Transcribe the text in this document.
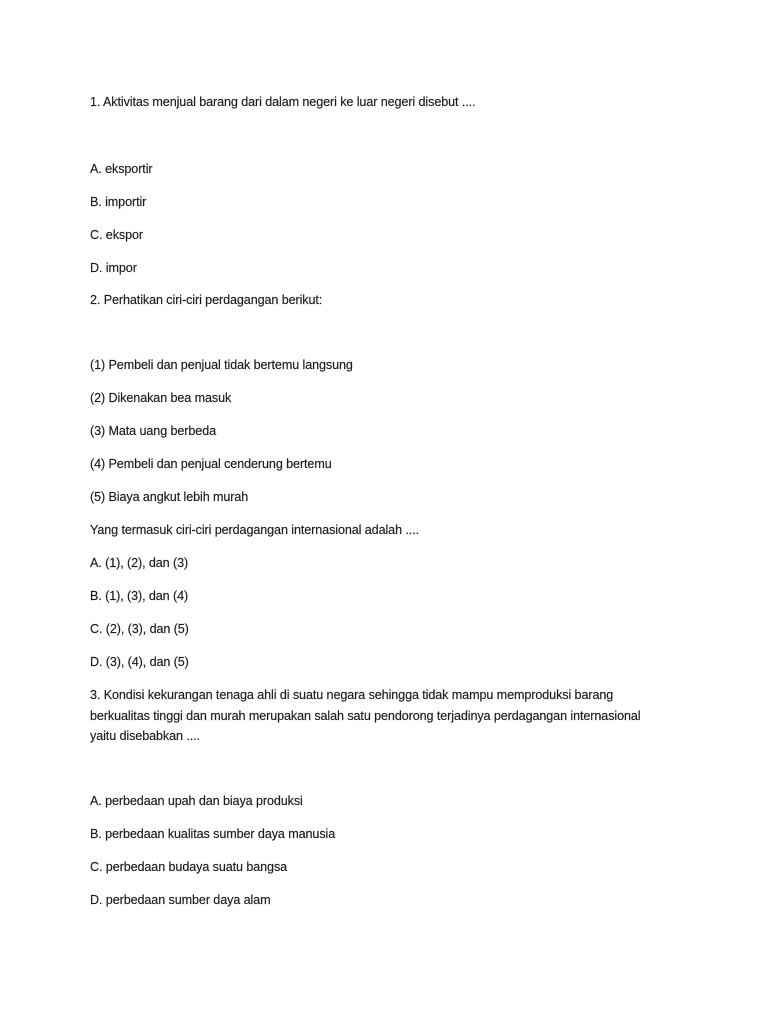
1. Aktivitas menjual barang dari dalam negeri ke luar negeri disebut ....
A. eksportir
B. importir
C. ekspor
D. impor
2. Perhatikan ciri-ciri perdagangan berikut:
(1) Pembeli dan penjual tidak bertemu langsung
(2) Dikenakan bea masuk
(3) Mata uang berbeda
(4) Pembeli dan penjual cenderung bertemu
(5) Biaya angkut lebih murah
Yang termasuk ciri-ciri perdagangan internasional adalah ....
A. (1), (2), dan (3)
B. (1), (3), dan (4)
C. (2), (3), dan (5)
D. (3), (4), dan (5)
3. Kondisi kekurangan tenaga ahli di suatu negara sehingga tidak mampu memproduksi barang
berkualitas tinggi dan murah merupakan salah satu pendorong terjadinya perdagangan internasional
yaitu disebabkan ....
A. perbedaan upah dan biaya produksi
B. perbedaan kualitas sumber daya manusia
C. perbedaan budaya suatu bangsa
D. perbedaan sumber daya alam
